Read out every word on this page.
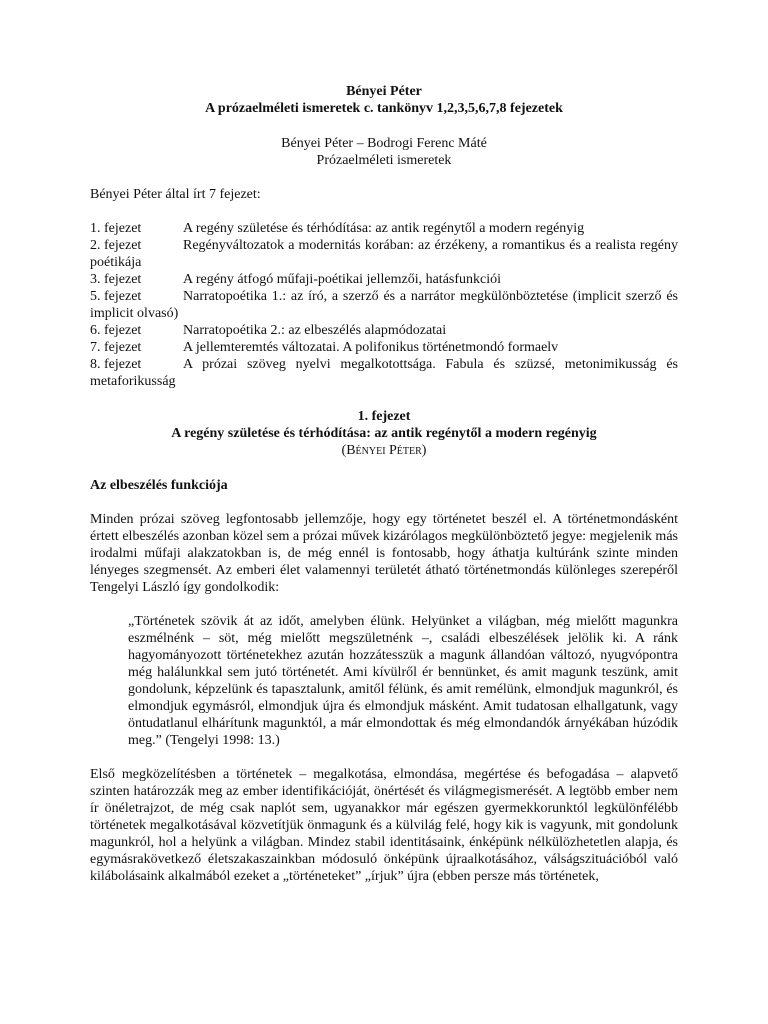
Bényei Péter
A prózaelméleti ismeretek c. tankönyv 1,2,3,5,6,7,8 fejezetek
Bényei Péter – Bodrogi Ferenc Máté
Prózaelméleti ismeretek
Bényei Péter által írt 7 fejezet:
1. fejezet	A regény születése és térhódítása: az antik regénytől a modern regényig
2. fejezet	Regényváltozatok a modernitás korában: az érzékeny, a romantikus és a realista regény poétikája
3. fejezet	A regény átfogó műfaji-poétikai jellemzői, hatásfunkciói
5. fejezet	Narratopoétika 1.: az író, a szerző és a narrátor megkülönböztetése (implicit szerző és implicit olvasó)
6. fejezet	Narratopoétika 2.: az elbeszélés alapmódozatai
7. fejezet	A jellemteremtés változatai. A polifonikus történetmondó formaelv
8. fejezet	A prózai szöveg nyelvi megalkotottsága. Fabula és szüzsé, metonimikusság és metaforikusság
1. fejezet
A regény születése és térhódítása: az antik regénytől a modern regényig
(Bényei Péter)
Az elbeszélés funkciója
Minden prózai szöveg legfontosabb jellemzője, hogy egy történetet beszél el. A történetmondásként értett elbeszélés azonban közel sem a prózai művek kizárólagos megkülönböztető jegye: megjelenik más irodalmi műfaji alakzatokban is, de még ennél is fontosabb, hogy áthatja kultúránk szinte minden lényeges szegmensét. Az emberi élet valamennyi területét átható történetmondás különleges szerepéről Tengelyi László így gondolkodik:
„Történetek szövik át az időt, amelyben élünk. Helyünket a világban, még mielőtt magunkra eszmélnénk – söt, még mielőtt megszületnénk –, családi elbeszélések jelölik ki. A ránk hagyományozott történetekhez azután hozzátesszük a magunk állandóan változó, nyugvópontra még halálunkkal sem jutó történetét. Ami kívülről ér bennünket, és amit magunk teszünk, amit gondolunk, képzelünk és tapasztalunk, amitől félünk, és amit remélünk, elmondjuk magunkról, és elmondjuk egymásról, elmondjuk újra és elmondjuk másként. Amit tudatosan elhallgatunk, vagy öntudatlanul elhárítunk magunktól, a már elmondottak és még elmondandók árnyékában húzódik meg.” (Tengelyi 1998: 13.)
Első megközelítésben a történetek – megalkotása, elmondása, megértése és befogadása – alapvető szinten határozzák meg az ember identifikációját, önértését és világmegismerését. A legtöbb ember nem ír önéletrajzot, de még csak naplót sem, ugyanakkor már egészen gyermekkorunktól legkülönfélébb történetek megalkotásával közvetítjük önmagunk és a külvilág felé, hogy kik is vagyunk, mit gondolunk magunkról, hol a helyünk a világban. Mindez stabil identitásaink, énképünk nélkülözhetetlen alapja, és egymásrakövetkező életszakaszainkban módosuló önképünk újraalkotásához, válságszituációból való kilábolásaink alkalmából ezeket a „történeteket” „írjuk” újra (ebben persze más történetek,
